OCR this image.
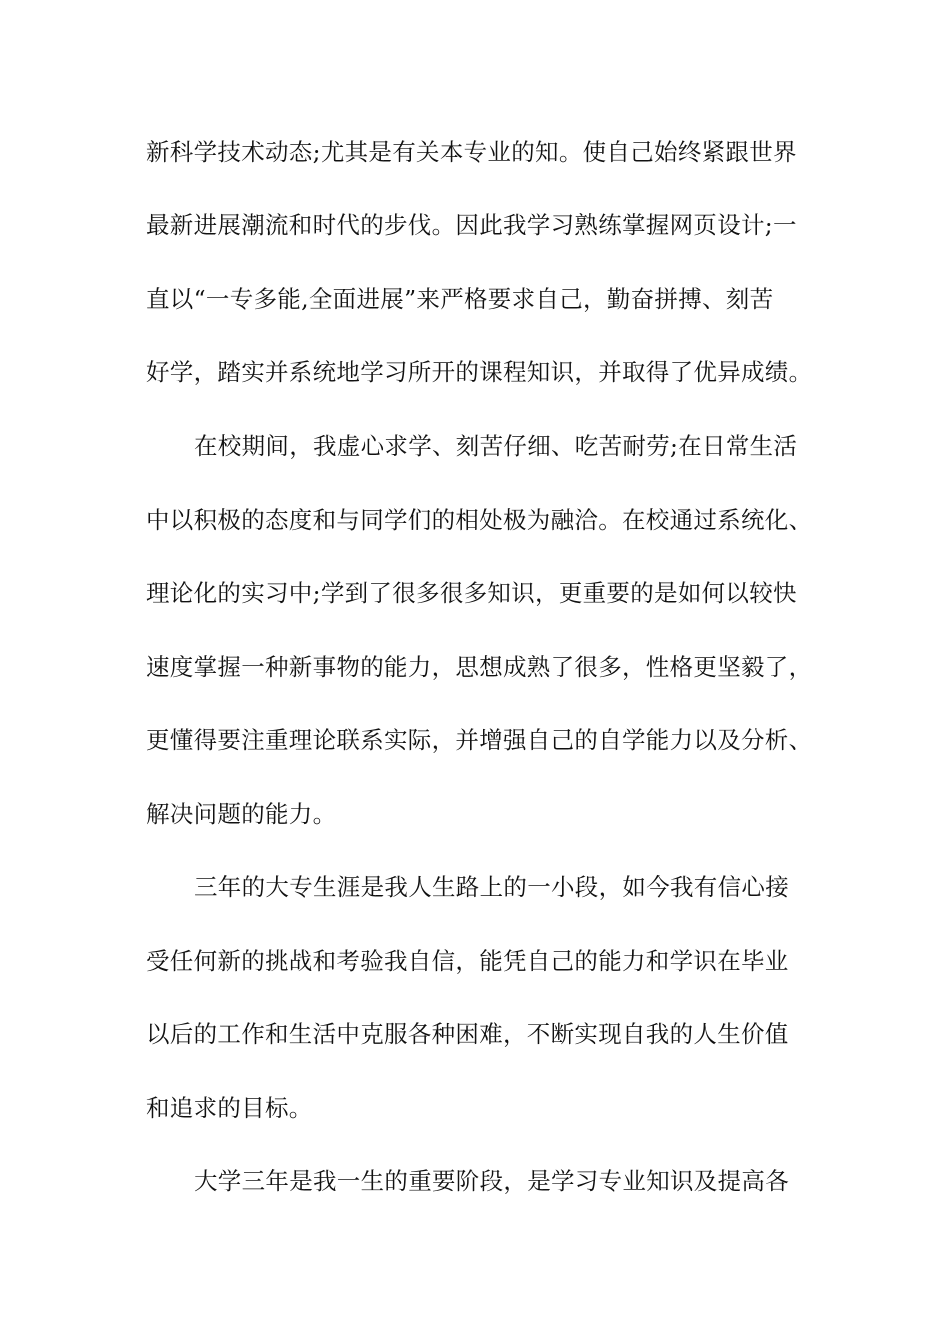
新科学技术动态;尤其是有关本专业的知。使自己始终紧跟世界
最新进展潮流和时代的步伐。因此我学习熟练掌握网页设计;一
直以“一专多能,全面进展”来严格要求自己，勤奋拼搏、刻苦
好学，踏实并系统地学习所开的课程知识，并取得了优异成绩。
在校期间，我虚心求学、刻苦仔细、吃苦耐劳;在日常生活
中以积极的态度和与同学们的相处极为融洽。在校通过系统化、
理论化的实习中;学到了很多很多知识，更重要的是如何以较快
速度掌握一种新事物的能力，思想成熟了很多，性格更坚毅了，
更懂得要注重理论联系实际，并增强自己的自学能力以及分析、
解决问题的能力。
三年的大专生涯是我人生路上的一小段，如今我有信心接
受任何新的挑战和考验我自信，能凭自己的能力和学识在毕业
以后的工作和生活中克服各种困难，不断实现自我的人生价值
和追求的目标。
大学三年是我一生的重要阶段，是学习专业知识及提高各
